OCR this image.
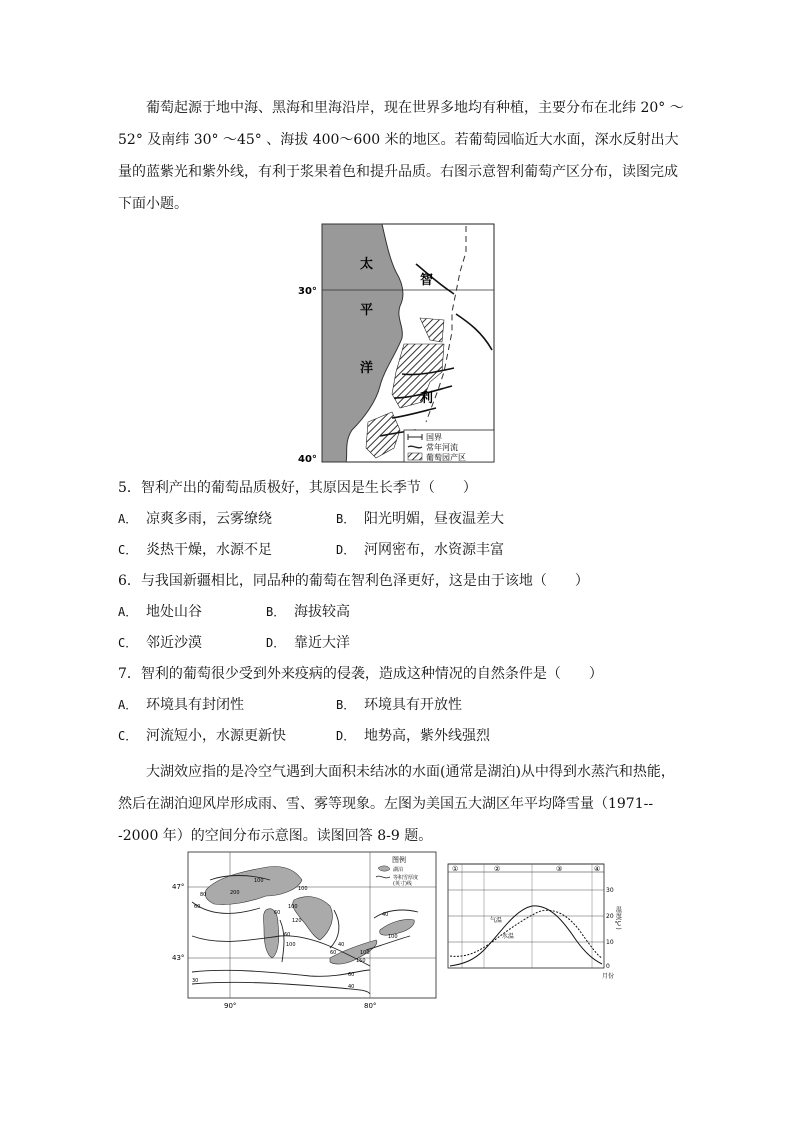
葡萄起源于地中海、黑海和里海沿岸，现在世界多地均有种植，主要分布在北纬 20° ～52° 及南纬 30° ～45° 、海拔 400～600 米的地区。若葡萄园临近大水面，深水反射出大量的蓝紫光和紫外线，有利于浆果着色和提升品质。右图示意智利葡萄产区分布，读图完成下面小题。
太
平
洋
智
利
30°
40°
国界
常年河流
葡萄园产区
5．智利产出的葡萄品质极好，其原因是生长季节（　　）
A． 凉爽多雨，云雾缭绕	B． 阳光明媚，昼夜温差大
C． 炎热干燥，水源不足	D． 河网密布，水资源丰富
6．与我国新疆相比，同品种的葡萄在智利色泽更好，这是由于该地（　　）
A． 地处山谷	B． 海拔较高
C． 邻近沙漠	D． 靠近大洋
7．智利的葡萄很少受到外来疫病的侵袭，造成这种情况的自然条件是（　　）
A． 环境具有封闭性	B． 环境具有开放性
C． 河流短小，水源更新快	D． 地势高，紫外线强烈
大湖效应指的是冷空气遇到大面积未结冰的水面(通常是湖泊)从中得到水蒸汽和热能，然后在湖泊迎风岸形成雨、雪、雾等现象。左图为美国五大湖区年平均降雪量（1971---2000 年）的空间分布示意图。读图回答 8-9 题。
80	200
100
100
60	100
60
120
60
100	40
60	100
150
40
100
60
40
30
图例
湖泊
等积雪厚度
(英寸)线
47°
43°
90°	80°
①	②	③	④
气温
水温
30
20
10
0
温度(℃)
月份
